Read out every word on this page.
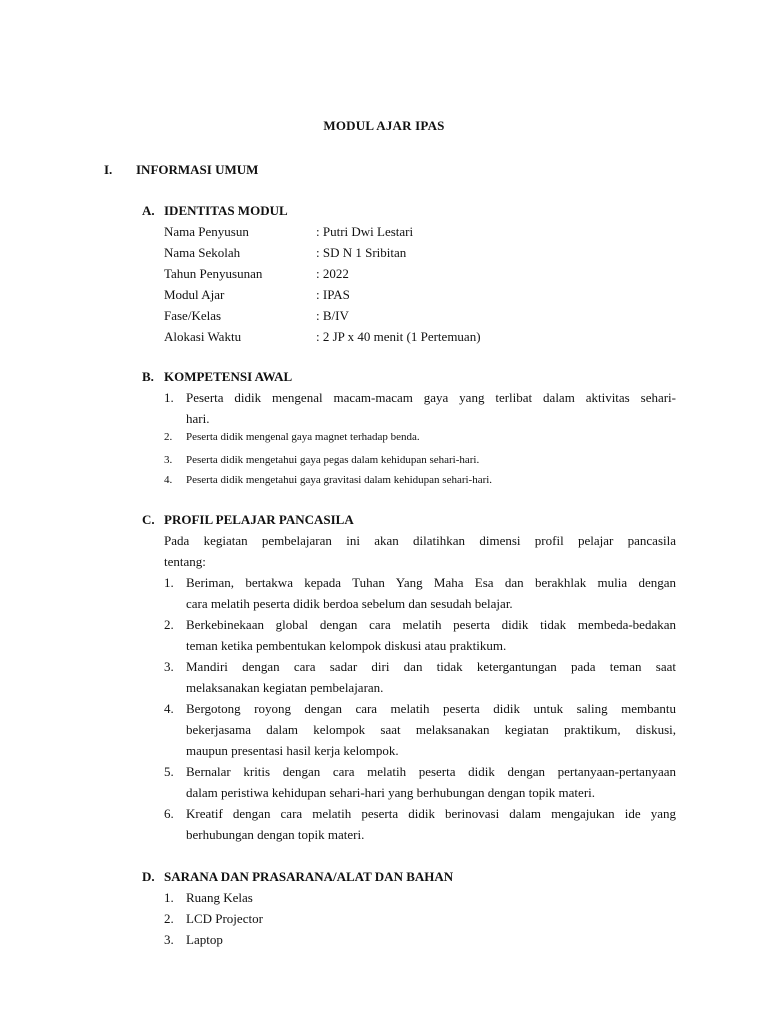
MODUL AJAR IPAS
I. INFORMASI UMUM
A. IDENTITAS MODUL
Nama Penyusun	: Putri Dwi Lestari
Nama Sekolah	: SD N 1 Sribitan
Tahun Penyusunan	: 2022
Modul Ajar	: IPAS
Fase/Kelas	: B/IV
Alokasi Waktu	: 2 JP x 40 menit (1 Pertemuan)
B. KOMPETENSI AWAL
1. Peserta didik mengenal macam-macam gaya yang terlibat dalam aktivitas sehari-
hari.
2. Peserta didik mengenal gaya magnet terhadap benda.
3. Peserta didik mengetahui gaya pegas dalam kehidupan sehari-hari.
4. Peserta didik mengetahui gaya gravitasi dalam kehidupan sehari-hari.
C. PROFIL PELAJAR PANCASILA
Pada kegiatan pembelajaran ini akan dilatihkan dimensi profil pelajar pancasila
tentang:
1. Beriman, bertakwa kepada Tuhan Yang Maha Esa dan berakhlak mulia dengan
cara melatih peserta didik berdoa sebelum dan sesudah belajar.
2. Berkebinekaan global dengan cara melatih peserta didik tidak membeda-bedakan
teman ketika pembentukan kelompok diskusi atau praktikum.
3. Mandiri dengan cara sadar diri dan tidak ketergantungan pada teman saat
melaksanakan kegiatan pembelajaran.
4. Bergotong royong dengan cara melatih peserta didik untuk saling membantu
bekerjasama dalam kelompok saat melaksanakan kegiatan praktikum, diskusi,
maupun presentasi hasil kerja kelompok.
5. Bernalar kritis dengan cara melatih peserta didik dengan pertanyaan-pertanyaan
dalam peristiwa kehidupan sehari-hari yang berhubungan dengan topik materi.
6. Kreatif dengan cara melatih peserta didik berinovasi dalam mengajukan ide yang
berhubungan dengan topik materi.
D. SARANA DAN PRASARANA/ALAT DAN BAHAN
1. Ruang Kelas
2. LCD Projector
3. Laptop
